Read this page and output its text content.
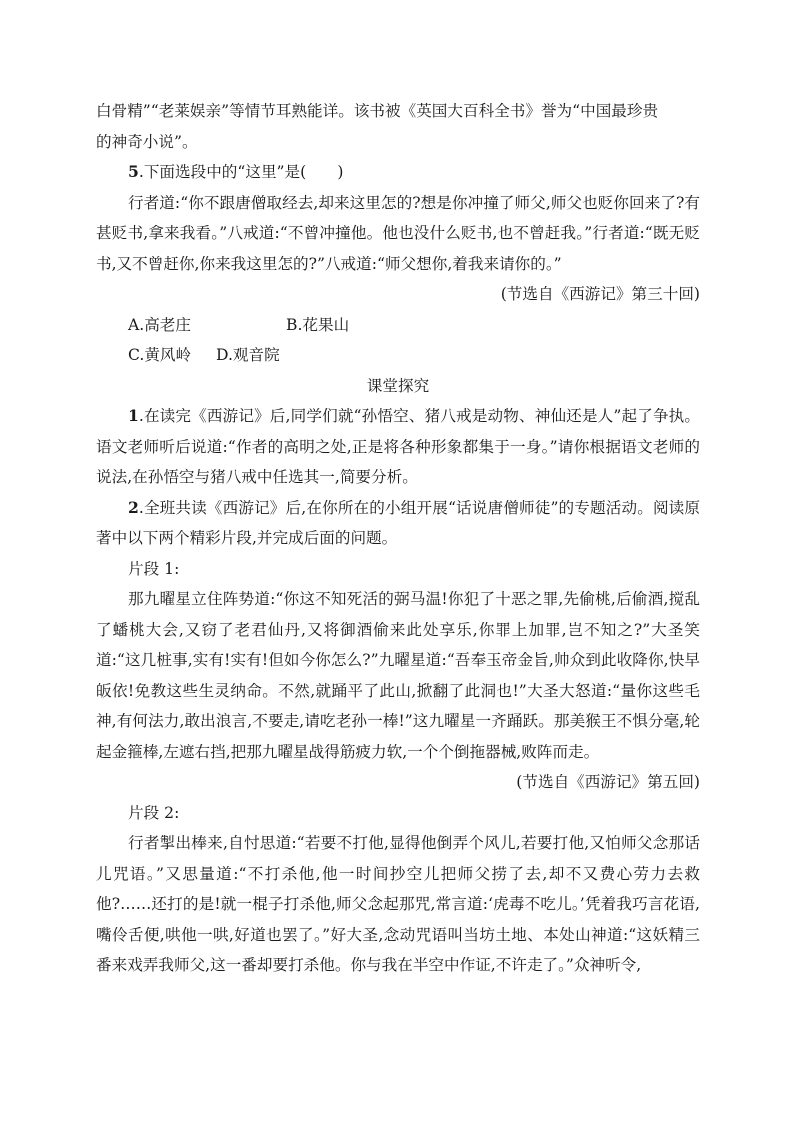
白骨精”“老莱娱亲”等情节耳熟能详。该书被《英国大百科全书》誉为“中国最珍贵

的神奇小说”。

5.下面选段中的“这里”是(　　)

行者道:“你不跟唐僧取经去,却来这里怎的?想是你冲撞了师父,师父也贬你回来了?有甚贬书,拿来我看。”八戒道:“不曾冲撞他。他也没什么贬书,也不曾赶我。”行者道:“既无贬书,又不曾赶你,你来我这里怎的?”八戒道:“师父想你,着我来请你的。”

(节选自《西游记》第三十回)

A.高老庄	B.花果山
C.黄风岭	D.观音院

课堂探究

1.在读完《西游记》后,同学们就“孙悟空、猪八戒是动物、神仙还是人”起了争执。语文老师听后说道:“作者的高明之处,正是将各种形象都集于一身。”请你根据语文老师的说法,在孙悟空与猪八戒中任选其一,简要分析。

2.全班共读《西游记》后,在你所在的小组开展“话说唐僧师徒”的专题活动。阅读原著中以下两个精彩片段,并完成后面的问题。

片段 1:

那九曜星立住阵势道:“你这不知死活的弼马温!你犯了十恶之罪,先偷桃,后偷酒,搅乱了蟠桃大会,又窃了老君仙丹,又将御酒偷来此处享乐,你罪上加罪,岂不知之?”大圣笑道:“这几桩事,实有!实有!但如今你怎么?”九曜星道:“吾奉玉帝金旨,帅众到此收降你,快早皈依!免教这些生灵纳命。不然,就踊平了此山,掀翻了此洞也!”大圣大怒道:“量你这些毛神,有何法力,敢出浪言,不要走,请吃老孙一棒!”这九曜星一齐踊跃。那美猴王不惧分毫,轮起金箍棒,左遮右挡,把那九曜星战得筋疲力软,一个个倒拖器械,败阵而走。

(节选自《西游记》第五回)

片段 2:

行者掣出棒来,自忖思道:“若要不打他,显得他倒弄个风儿,若要打他,又怕师父念那话儿咒语。”又思量道:“不打杀他,他一时间抄空儿把师父捞了去,却不又费心劳力去救他?……还打的是!就一棍子打杀他,师父念起那咒,常言道:‘虎毒不吃儿。’凭着我巧言花语,嘴伶舌便,哄他一哄,好道也罢了。”好大圣,念动咒语叫当坊土地、本处山神道:“这妖精三番来戏弄我师父,这一番却要打杀他。你与我在半空中作证,不许走了。”众神听令,
